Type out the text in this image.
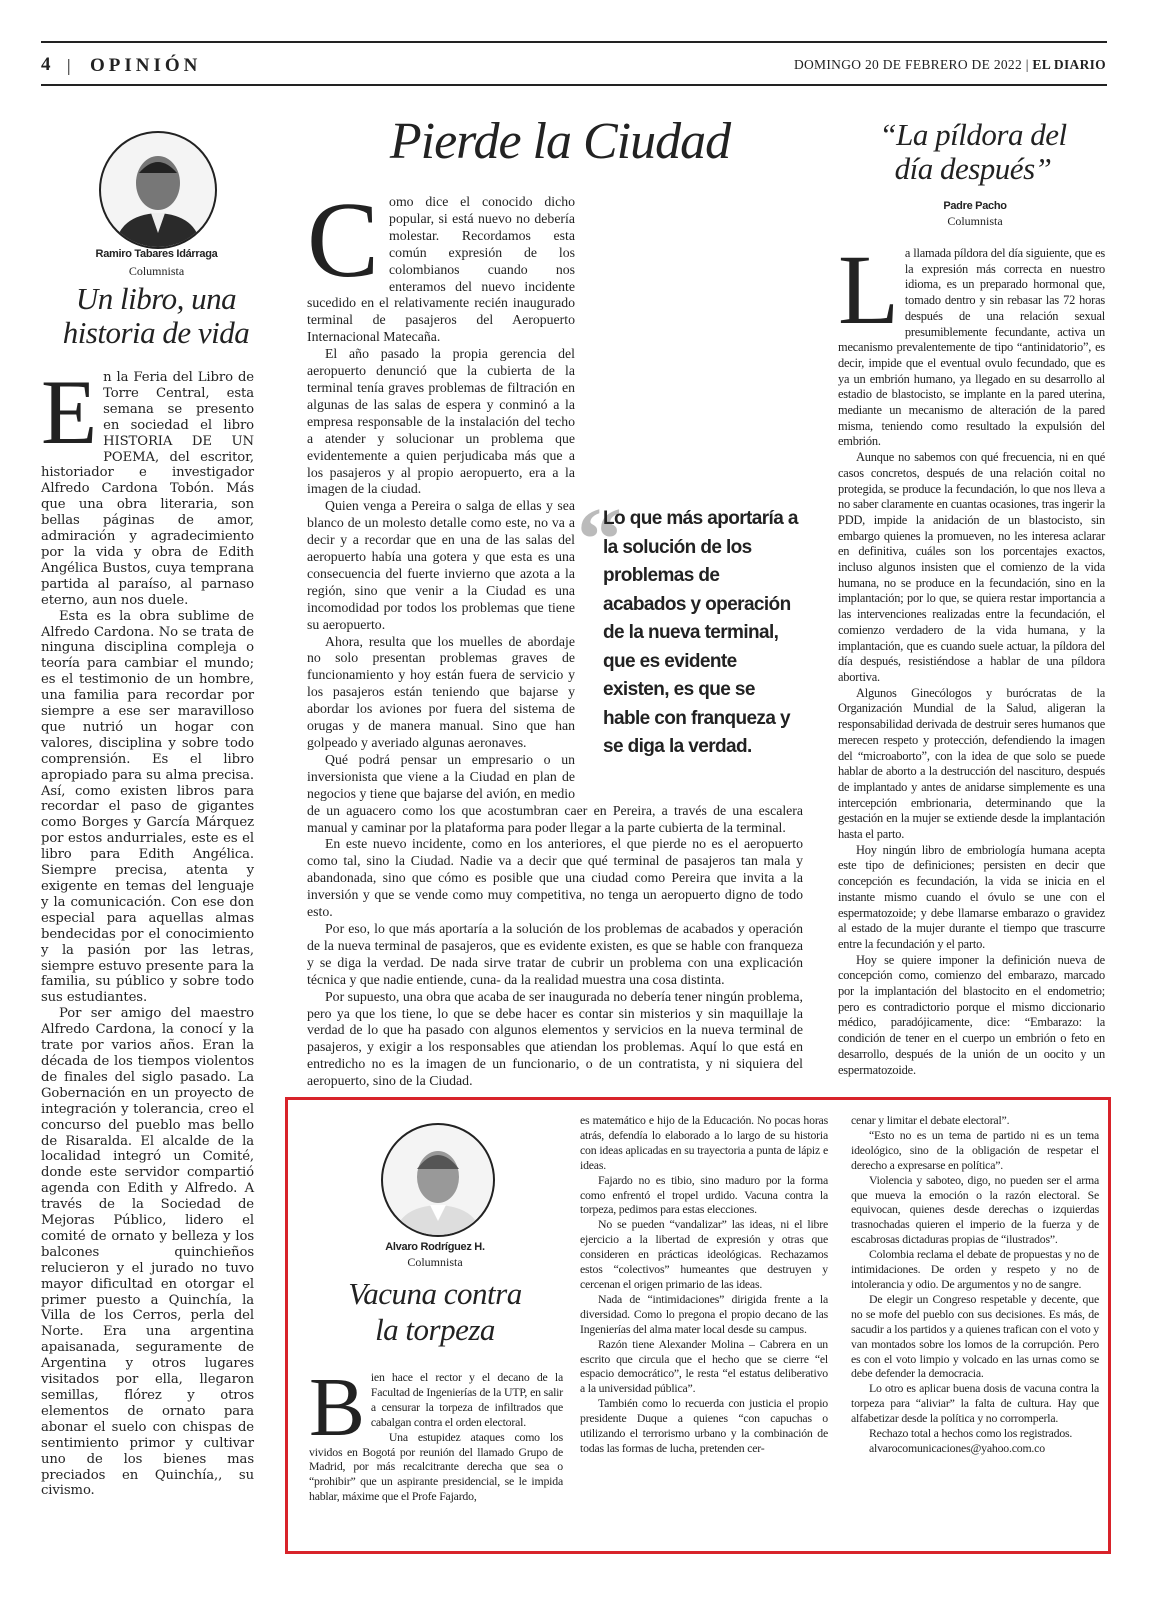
4 | OPINIÓN	DOMINGO 20 DE FEBRERO DE 2022 | EL DIARIO
Ramiro Tabares Idárraga
Columnista
Un libro, una
historia de vida

En la Feria del Libro de Torre Central, esta semana se presento en sociedad el libro HISTORIA DE UN POEMA, del escritor, historiador e investigador Alfredo Cardona Tobón. Más que una obra literaria, son bellas páginas de amor, admiración y agradecimiento por la vida y obra de Edith Angélica Bustos, cuya temprana partida al paraíso, al parnaso eterno, aun nos duele.

Esta es la obra sublime de Alfredo Cardona. No se trata de ninguna disciplina compleja o teoría para cambiar el mundo; es el testimonio de un hombre, una familia para recordar por siempre a ese ser maravilloso que nutrió un hogar con valores, disciplina y sobre todo comprensión. Es el libro apropiado para su alma precisa. Así, como existen libros para recordar el paso de gigantes como Borges y García Márquez por estos andurriales, este es el libro para Edith Angélica. Siempre precisa, atenta y exigente en temas del lenguaje y la comunicación. Con ese don especial para aquellas almas bendecidas por el conocimiento y la pasión por las letras, siempre estuvo presente para la familia, su público y sobre todo sus estudiantes.

Por ser amigo del maestro Alfredo Cardona, la conocí y la trate por varios años. Eran la década de los tiempos violentos de finales del siglo pasado. La Gobernación en un proyecto de integración y tolerancia, creo el concurso del pueblo mas bello de Risaralda. El alcalde de la localidad integró un Comité, donde este servidor compartió agenda con Edith y Alfredo. A través de la Sociedad de Mejoras Público, lidero el comité de ornato y belleza y los balcones quinchieños relucieron y el jurado no tuvo mayor dificultad en otorgar el primer puesto a Quinchía, la Villa de los Cerros, perla del Norte. Era una argentina apaisanada, seguramente de Argentina y otros lugares visitados por ella, llegaron semillas, flórez y otros elementos de ornato para abonar el suelo con chispas de sentimiento primor y cultivar uno de los bienes mas preciados en Quinchía,, su civismo.

Pierde la Ciudad

Como dice el conocido dicho popular, si está nuevo no debería molestar. Recordamos esta común expresión de los colombianos cuando nos enteramos del nuevo incidente sucedido en el relativamente recién inaugurado terminal de pasajeros del Aeropuerto Internacional Matecaña.

El año pasado la propia gerencia del aeropuerto denunció que la cubierta de la terminal tenía graves problemas de filtración en algunas de las salas de espera y conminó a la empresa responsable de la instalación del techo a atender y solucionar un problema que evidentemente a quien perjudicaba más que a los pasajeros y al propio aeropuerto, era a la imagen de la ciudad.

Quien venga a Pereira o salga de ellas y sea blanco de un molesto detalle como este, no va a decir y a recordar que en una de las salas del aeropuerto había una gotera y que esta es una consecuencia del fuerte invierno que azota a la región, sino que venir a la Ciudad es una incomodidad por todos los problemas que tiene su aeropuerto.

Ahora, resulta que los muelles de abordaje no solo presentan problemas graves de funcionamiento y hoy están fuera de servicio y los pasajeros están teniendo que bajarse y abordar los aviones por fuera del sistema de orugas y de manera manual. Sino que han golpeado y averiado algunas aeronaves.

Qué podrá pensar un empresario o un inversionista que viene a la Ciudad en plan de negocios y tiene que bajarse del avión, en medio de un aguacero como los que acostumbran caer en Pereira, a través de una escalera manual y caminar por la plataforma para poder llegar a la parte cubierta de la terminal.

En este nuevo incidente, como en los anteriores, el que pierde no es el aeropuerto como tal, sino la Ciudad. Nadie va a decir que qué terminal de pasajeros tan mala y abandonada, sino que cómo es posible que una ciudad como Pereira que invita a la inversión y que se vende como muy competitiva, no tenga un aeropuerto digno de todo esto.

Por eso, lo que más aportaría a la solución de los problemas de acabados y operación de la nueva terminal de pasajeros, que es evidente existen, es que se hable con franqueza y se diga la verdad. De nada sirve tratar de cubrir un problema con una explicación técnica y que nadie entiende, cuna- da la realidad muestra una cosa distinta.

Por supuesto, una obra que acaba de ser inaugurada no debería tener ningún problema, pero ya que los tiene, lo que se debe hacer es contar sin misterios y sin maquillaje la verdad de lo que ha pasado con algunos elementos y servicios en la nueva terminal de pasajeros, y exigir a los responsables que atiendan los problemas. Aquí lo que está en entredicho no es la imagen de un funcionario, o de un contratista, y ni siquiera del aeropuerto, sino de la Ciudad.

“
Lo que más aportaría a la solución de los problemas de acabados y operación de la nueva terminal, que es evidente existen, es que se hable con franqueza y se diga la verdad.
“La píldora del
día después”
Padre Pacho
Columnista

La llamada píldora del día siguiente, que es la expresión más correcta en nuestro idioma, es un preparado hormonal que, tomado dentro y sin rebasar las 72 horas después de una relación sexual presumiblemente fecundante, activa un mecanismo prevalentemente de tipo “antinidatorio”, es decir, impide que el eventual ovulo fecundado, que es ya un embrión humano, ya llegado en su desarrollo al estadio de blastocisto, se implante en la pared uterina, mediante un mecanismo de alteración de la pared misma, teniendo como resultado la expulsión del embrión.

Aunque no sabemos con qué frecuencia, ni en qué casos concretos, después de una relación coital no protegida, se produce la fecundación, lo que nos lleva a no saber claramente en cuantas ocasiones, tras ingerir la PDD, impide la anidación de un blastocisto, sin embargo quienes la promueven, no les interesa aclarar en definitiva, cuáles son los porcentajes exactos, incluso algunos insisten que el comienzo de la vida humana, no se produce en la fecundación, sino en la implantación; por lo que, se quiera restar importancia a las intervenciones realizadas entre la fecundación, el comienzo verdadero de la vida humana, y la implantación, que es cuando suele actuar, la píldora del día después, resistiéndose a hablar de una píldora abortiva.

Algunos Ginecólogos y burócratas de la Organización Mundial de la Salud, aligeran la responsabilidad derivada de destruir seres humanos que merecen respeto y protección, defendiendo la imagen del “microaborto”, con la idea de que solo se puede hablar de aborto a la destrucción del nascituro, después de implantado y antes de anidarse simplemente es una intercepción embrionaria, determinando que la gestación en la mujer se extiende desde la implantación hasta el parto.

Hoy ningún libro de embriología humana acepta este tipo de definiciones; persisten en decir que concepción es fecundación, la vida se inicia en el instante mismo cuando el óvulo se une con el espermatozoide; y debe llamarse embarazo o gravidez al estado de la mujer durante el tiempo que trascurre entre la fecundación y el parto.

Hoy se quiere imponer la definición nueva de concepción como, comienzo del embarazo, marcado por la implantación del blastocito en el endometrio; pero es contradictorio porque el mismo diccionario médico, paradójicamente, dice: “Embarazo: la condición de tener en el cuerpo un embrión o feto en desarrollo, después de la unión de un oocito y un espermatozoide.

Alvaro Rodríguez H.
Columnista
Vacuna contra
la torpeza

Bien hace el rector y el decano de la Facultad de Ingenierías de la UTP, en salir a censurar la torpeza de infiltrados que cabalgan contra el orden electoral.

Una estupidez ataques como los vividos en Bogotá por reunión del llamado Grupo de Madrid, por más recalcitrante derecha que sea o “prohibir” que un aspirante presidencial, se le impida hablar, máxime que el Profe Fajardo,

es matemático e hijo de la Educación. No pocas horas atrás, defendía lo elaborado a lo largo de su historia con ideas aplicadas en su trayectoria a punta de lápiz e ideas.

Fajardo no es tibio, sino maduro por la forma como enfrentó el tropel urdido. Vacuna contra la torpeza, pedimos para estas elecciones.

No se pueden “vandalizar” las ideas, ni el libre ejercicio a la libertad de expresión y otras que consideren en prácticas ideológicas. Rechazamos estos “colectivos” humeantes que destruyen y cercenan el origen primario de las ideas.

Nada de “intimidaciones” dirigida frente a la diversidad. Como lo pregona el propio decano de las Ingenierías del alma mater local desde su campus.

Razón tiene Alexander Molina – Cabrera en un escrito que circula que el hecho que se cierre “el espacio democrático”, le resta “el estatus deliberativo a la universidad pública”.

También como lo recuerda con justicia el propio presidente Duque a quienes “con capuchas o utilizando el terrorismo urbano y la combinación de todas las formas de lucha, pretenden cer-

cenar y limitar el debate electoral”.

“Esto no es un tema de partido ni es un tema ideológico, sino de la obligación de respetar el derecho a expresarse en política”.

Violencia y saboteo, digo, no pueden ser el arma que mueva la emoción o la razón electoral. Se equivocan, quienes desde derechas o izquierdas trasnochadas quieren el imperio de la fuerza y de escabrosas dictaduras propias de “ilustrados”.

Colombia reclama el debate de propuestas y no de intimidaciones. De orden y respeto y no de intolerancia y odio. De argumentos y no de sangre.

De elegir un Congreso respetable y decente, que no se mofe del pueblo con sus decisiones. Es más, de sacudir a los partidos y a quienes trafican con el voto y van montados sobre los lomos de la corrupción. Pero es con el voto limpio y volcado en las urnas como se debe defender la democracia.

Lo otro es aplicar buena dosis de vacuna contra la torpeza para “aliviar” la falta de cultura. Hay que alfabetizar desde la política y no corromperla.

Rechazo total a hechos como los registrados.

alvarocomunicaciones@yahoo.com.co
